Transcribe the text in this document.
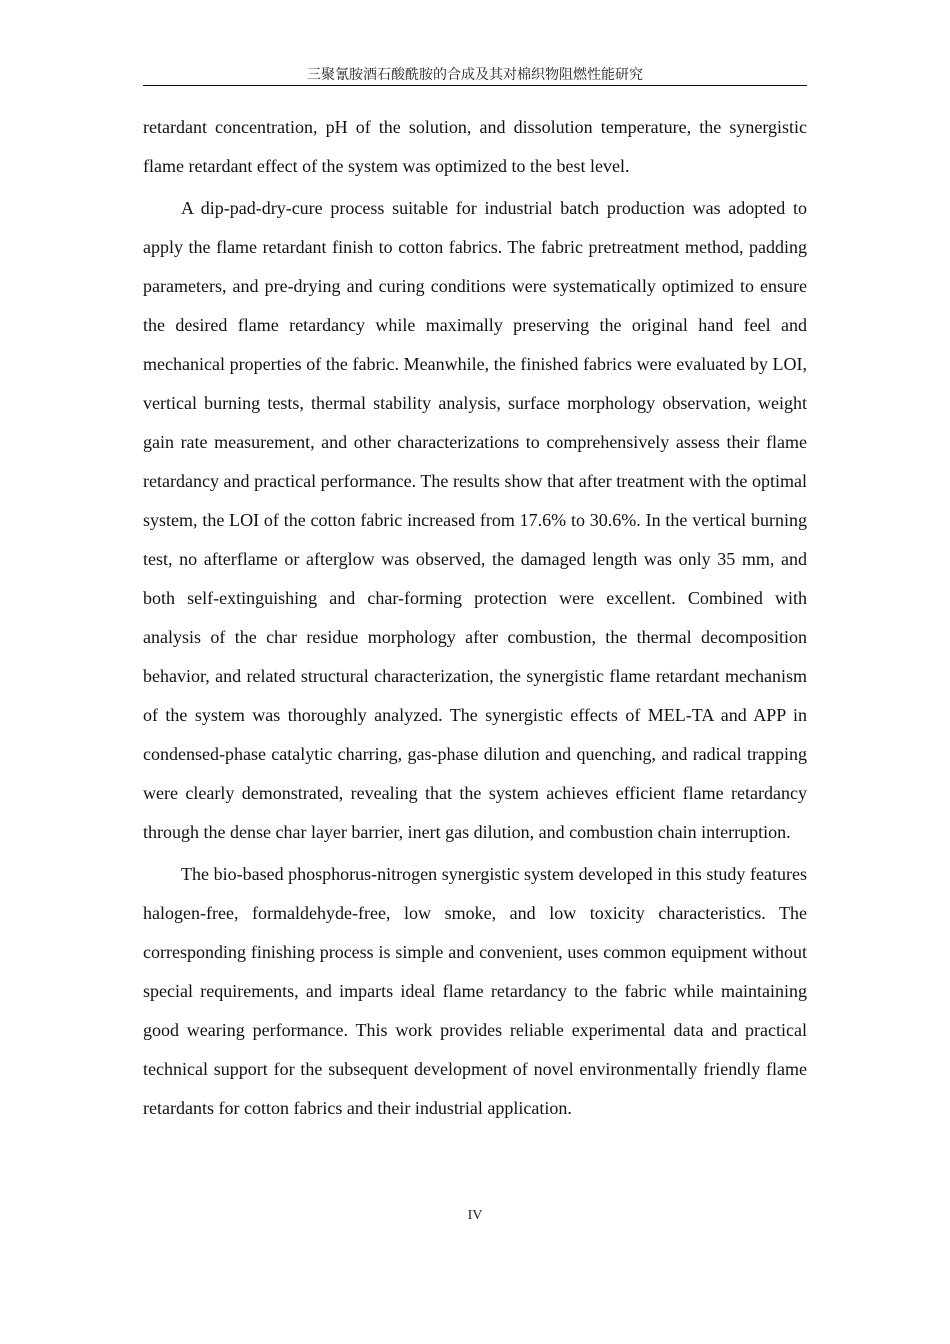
三聚氰胺酒石酸酰胺的合成及其对棉织物阻燃性能研究

retardant concentration, pH of the solution, and dissolution temperature, the synergistic flame retardant effect of the system was optimized to the best level.

A dip-pad-dry-cure process suitable for industrial batch production was adopted to apply the flame retardant finish to cotton fabrics. The fabric pretreatment method, padding parameters, and pre-drying and curing conditions were systematically optimized to ensure the desired flame retardancy while maximally preserving the original hand feel and mechanical properties of the fabric. Meanwhile, the finished fabrics were evaluated by LOI, vertical burning tests, thermal stability analysis, surface morphology observation, weight gain rate measurement, and other characterizations to comprehensively assess their flame retardancy and practical performance. The results show that after treatment with the optimal system, the LOI of the cotton fabric increased from 17.6% to 30.6%. In the vertical burning test, no afterflame or afterglow was observed, the damaged length was only 35 mm, and both self-extinguishing and char-forming protection were excellent. Combined with analysis of the char residue morphology after combustion, the thermal decomposition behavior, and related structural characterization, the synergistic flame retardant mechanism of the system was thoroughly analyzed. The synergistic effects of MEL-TA and APP in condensed-phase catalytic charring, gas-phase dilution and quenching, and radical trapping were clearly demonstrated, revealing that the system achieves efficient flame retardancy through the dense char layer barrier, inert gas dilution, and combustion chain interruption.

The bio-based phosphorus-nitrogen synergistic system developed in this study features halogen-free, formaldehyde-free, low smoke, and low toxicity characteristics. The corresponding finishing process is simple and convenient, uses common equipment without special requirements, and imparts ideal flame retardancy to the fabric while maintaining good wearing performance. This work provides reliable experimental data and practical technical support for the subsequent development of novel environmentally friendly flame retardants for cotton fabrics and their industrial application.

IV
